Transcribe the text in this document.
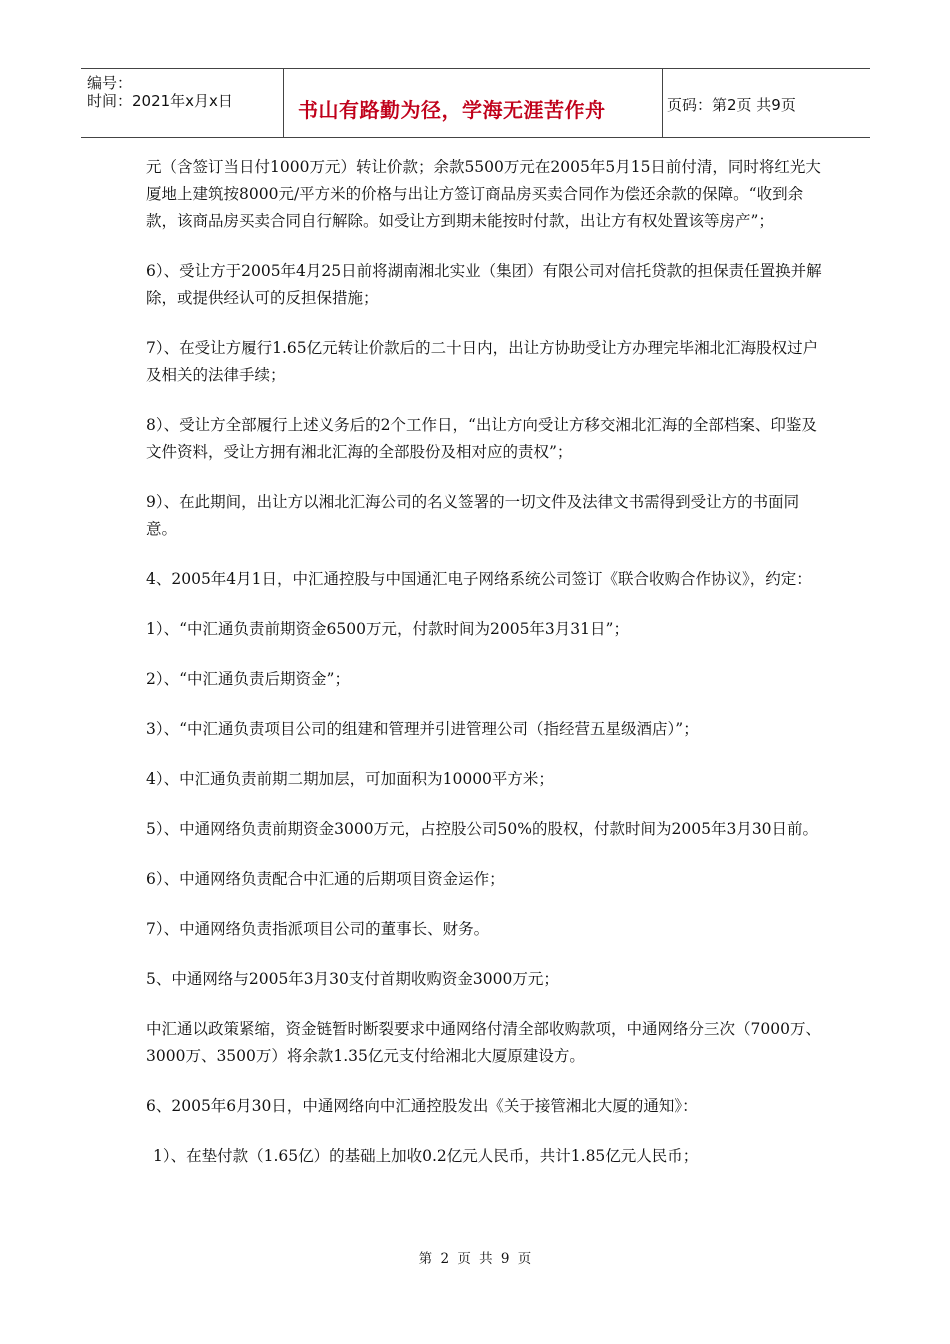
编号：
时间：2021年x月x日	书山有路勤为径，学海无涯苦作舟	页码：第2页 共9页

元（含签订当日付1000万元）转让价款；余款5500万元在2005年5月15日前付清，同时将红光大厦地上建筑按8000元/平方米的价格与出让方签订商品房买卖合同作为偿还余款的保障。“收到余款，该商品房买卖合同自行解除。如受让方到期未能按时付款，出让方有权处置该等房产”；

6）、受让方于2005年4月25日前将湖南湘北实业（集团）有限公司对信托贷款的担保责任置换并解除，或提供经认可的反担保措施；

7）、在受让方履行1.65亿元转让价款后的二十日内，出让方协助受让方办理完毕湘北汇海股权过户及相关的法律手续；

8）、受让方全部履行上述义务后的2个工作日，“出让方向受让方移交湘北汇海的全部档案、印鉴及文件资料，受让方拥有湘北汇海的全部股份及相对应的责权”；

9）、在此期间，出让方以湘北汇海公司的名义签署的一切文件及法律文书需得到受让方的书面同意。

4、2005年4月1日，中汇通控股与中国通汇电子网络系统公司签订《联合收购合作协议》，约定：

1）、“中汇通负责前期资金6500万元，付款时间为2005年3月31日”；

2）、“中汇通负责后期资金”；

3）、“中汇通负责项目公司的组建和管理并引进管理公司（指经营五星级酒店）”；

4）、中汇通负责前期二期加层，可加面积为10000平方米；

5）、中通网络负责前期资金3000万元，占控股公司50%的股权，付款时间为2005年3月30日前。

6）、中通网络负责配合中汇通的后期项目资金运作；

7）、中通网络负责指派项目公司的董事长、财务。

5、中通网络与2005年3月30支付首期收购资金3000万元；

中汇通以政策紧缩，资金链暂时断裂要求中通网络付清全部收购款项，中通网络分三次（7000万、3000万、3500万）将余款1.35亿元支付给湘北大厦原建设方。

6、2005年6月30日，中通网络向中汇通控股发出《关于接管湘北大厦的通知》：

1）、在垫付款（1.65亿）的基础上加收0.2亿元人民币，共计1.85亿元人民币；

第 2 页 共 9 页
